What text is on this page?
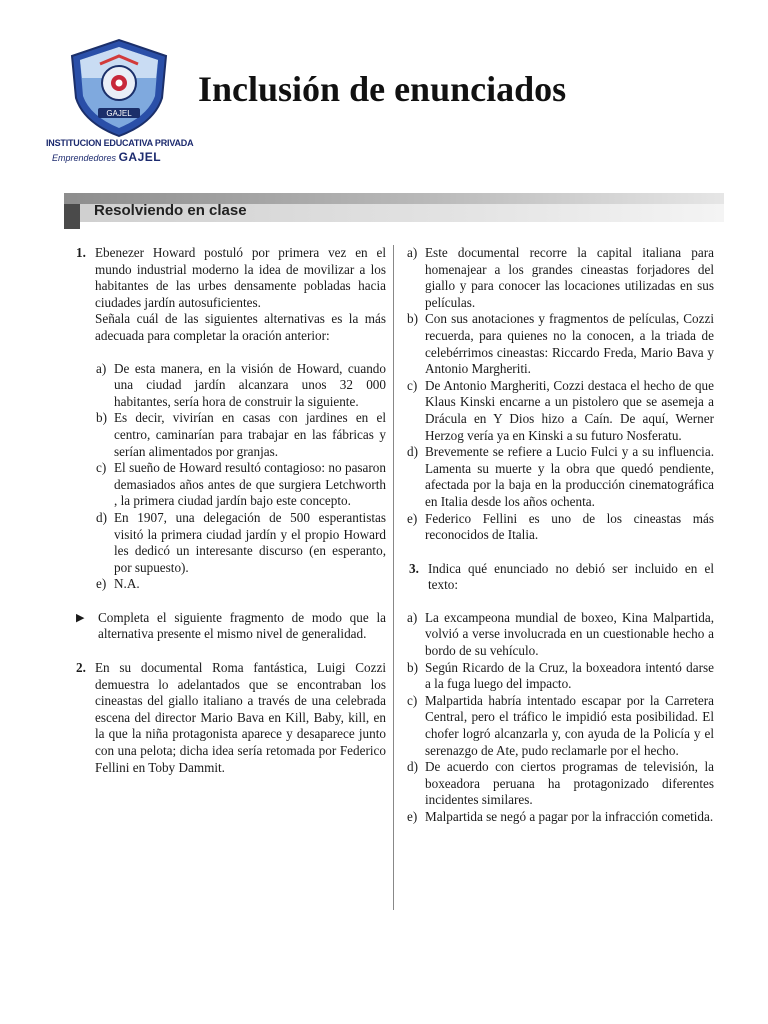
GAJEL
INSTITUCION EDUCATIVA PRIVADA
Emprendedores GAJEL
Inclusión de enunciados
Resolviendo en clase
1. Ebenezer Howard postuló por primera vez en el mundo industrial moderno la idea de movilizar a los habitantes de las urbes densamente pobladas hacia ciudades jardín autosuficientes.

Señala cuál de las siguientes alternativas es la más adecuada para completar la oración anterior:

a) De esta manera, en la visión de Howard, cuando una ciudad jardín alcanzara unos 32 000 habitantes, sería hora de construir la siguiente.
b) Es decir, vivirían en casas con jardines en el centro, caminarían para trabajar en las fábricas y serían alimentados por granjas.
c) El sueño de Howard resultó contagioso: no pasaron demasiados años antes de que surgiera Letchworth , la primera ciudad jardín bajo este concepto.
d) En 1907, una delegación de 500 esperantistas visitó la primera ciudad jardín y el propio Howard les dedicó un interesante discurso (en esperanto, por supuesto).
e) N.A.
▶ Completa el siguiente fragmento de modo que la alternativa presente el mismo nivel de generalidad.
2. En su documental Roma fantástica, Luigi Cozzi demuestra lo adelantados que se encontraban los cineastas del giallo italiano a través de una celebrada escena del director Mario Bava en Kill, Baby, kill, en la que la niña protagonista aparece y desaparece junto con una pelota; dicha idea sería retomada por Federico Fellini en Toby Dammit.

a) Este documental recorre la capital italiana para homenajear a los grandes cineastas forjadores del giallo y para conocer las locaciones utilizadas en sus películas.
b) Con sus anotaciones y fragmentos de películas, Cozzi recuerda, para quienes no la conocen, a la triada de celebérrimos cineastas: Riccardo Freda, Mario Bava y Antonio Margheriti.
c) De Antonio Margheriti, Cozzi destaca el hecho de que Klaus Kinski encarne a un pistolero que se asemeja a Drácula en Y Dios hizo a Caín. De aquí, Werner Herzog vería ya en Kinski a su futuro Nosferatu.
d) Brevemente se refiere a Lucio Fulci y a su influencia. Lamenta su muerte y la obra que quedó pendiente, afectada por la baja en la producción cinematográfica en Italia desde los años ochenta.
e) Federico Fellini es uno de los cineastas más reconocidos de Italia.
3. Indica qué enunciado no debió ser incluido en el texto:

a) La excampeona mundial de boxeo, Kina Malpartida, volvió a verse involucrada en un cuestionable hecho a bordo de su vehículo.
b) Según Ricardo de la Cruz, la boxeadora intentó darse a la fuga luego del impacto.
c) Malpartida habría intentado escapar por la Carretera Central, pero el tráfico le impidió esta posibilidad. El chofer logró alcanzarla y, con ayuda de la Policía y el serenazgo de Ate, pudo reclamarle por el hecho.
d) De acuerdo con ciertos programas de televisión, la boxeadora peruana ha protagonizado diferentes incidentes similares.
e) Malpartida se negó a pagar por la infracción cometida.
